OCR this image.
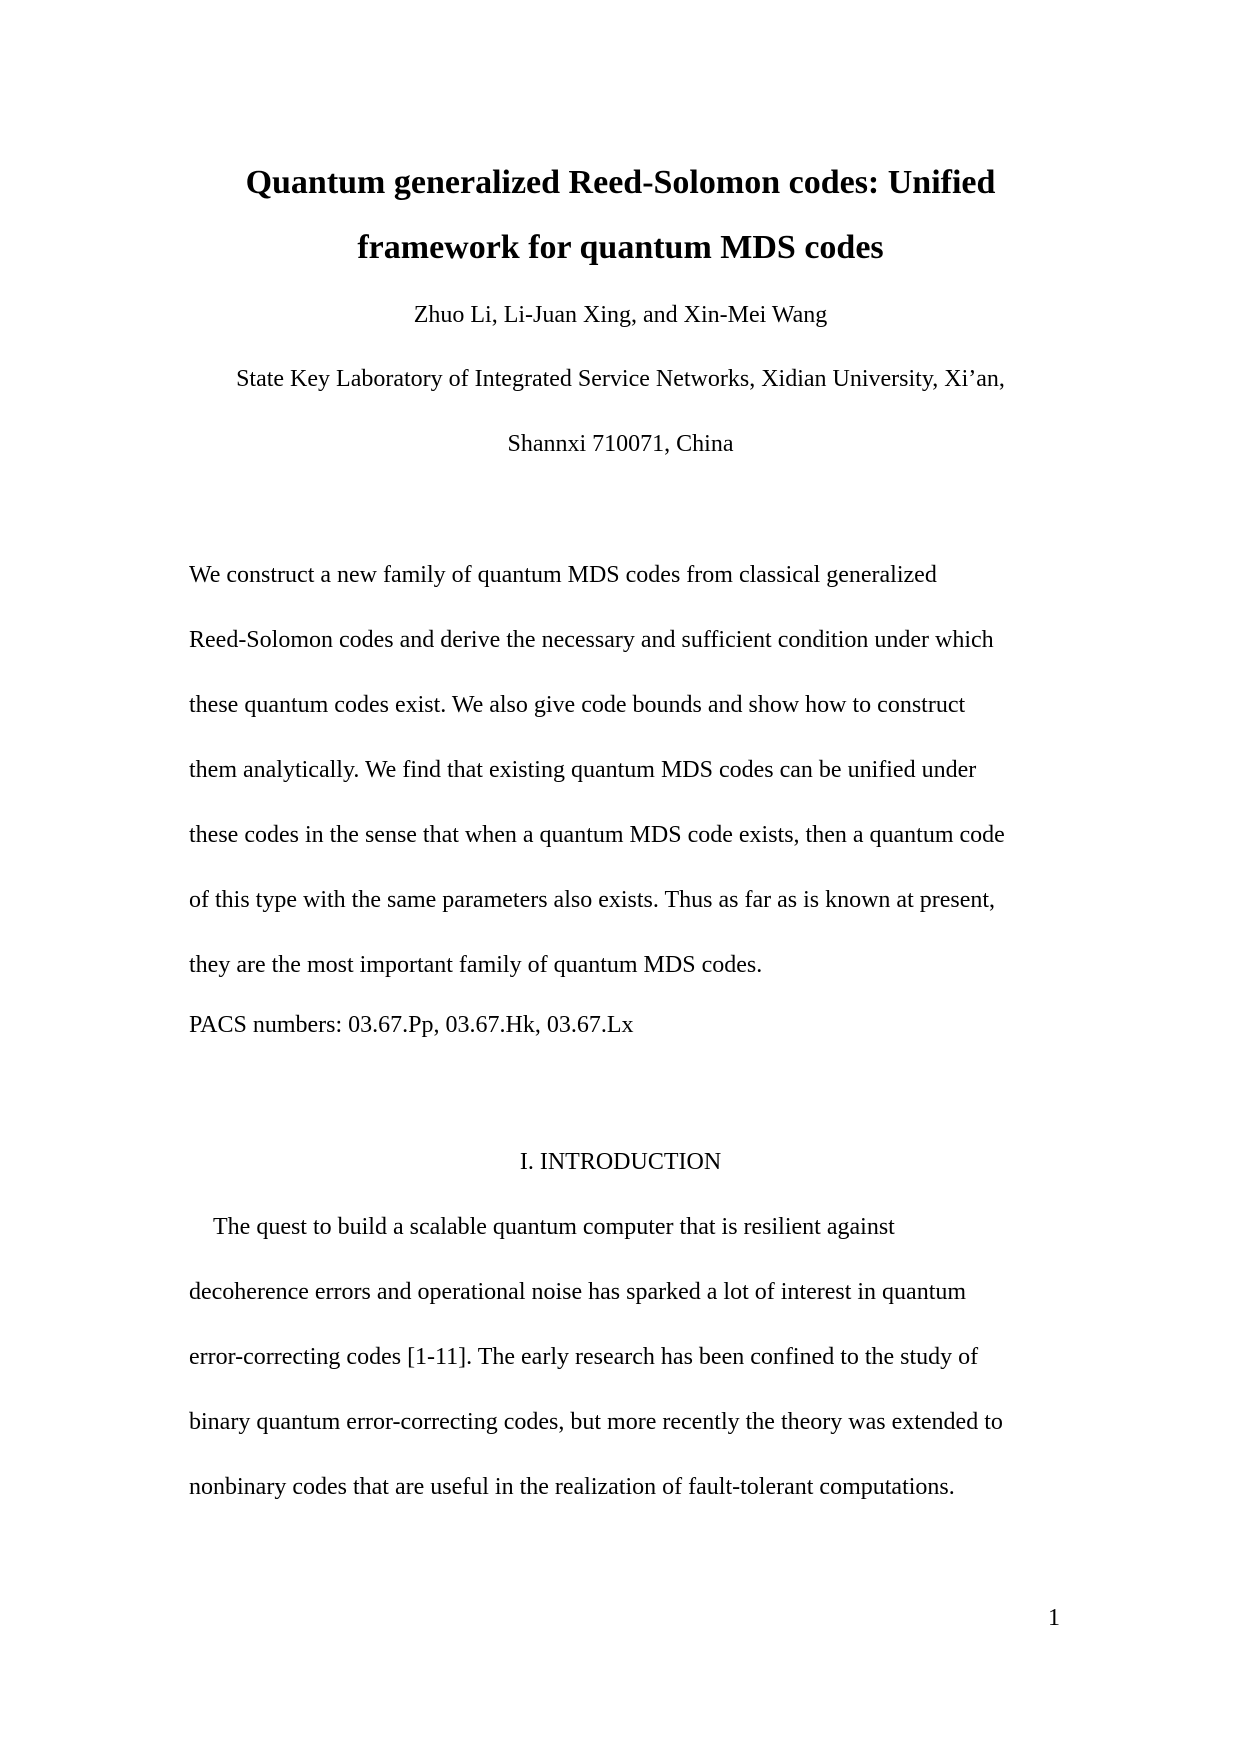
Quantum generalized Reed-Solomon codes: Unified
framework for quantum MDS codes
Zhuo Li, Li-Juan Xing, and Xin-Mei Wang
State Key Laboratory of Integrated Service Networks, Xidian University, Xi’an,
Shannxi 710071, China
We construct a new family of quantum MDS codes from classical generalized
Reed-Solomon codes and derive the necessary and sufficient condition under which
these quantum codes exist. We also give code bounds and show how to construct
them analytically. We find that existing quantum MDS codes can be unified under
these codes in the sense that when a quantum MDS code exists, then a quantum code
of this type with the same parameters also exists. Thus as far as is known at present,
they are the most important family of quantum MDS codes.
PACS numbers: 03.67.Pp, 03.67.Hk, 03.67.Lx
I. INTRODUCTION
The quest to build a scalable quantum computer that is resilient against
decoherence errors and operational noise has sparked a lot of interest in quantum
error-correcting codes [1-11]. The early research has been confined to the study of
binary quantum error-correcting codes, but more recently the theory was extended to
nonbinary codes that are useful in the realization of fault-tolerant computations.
1
